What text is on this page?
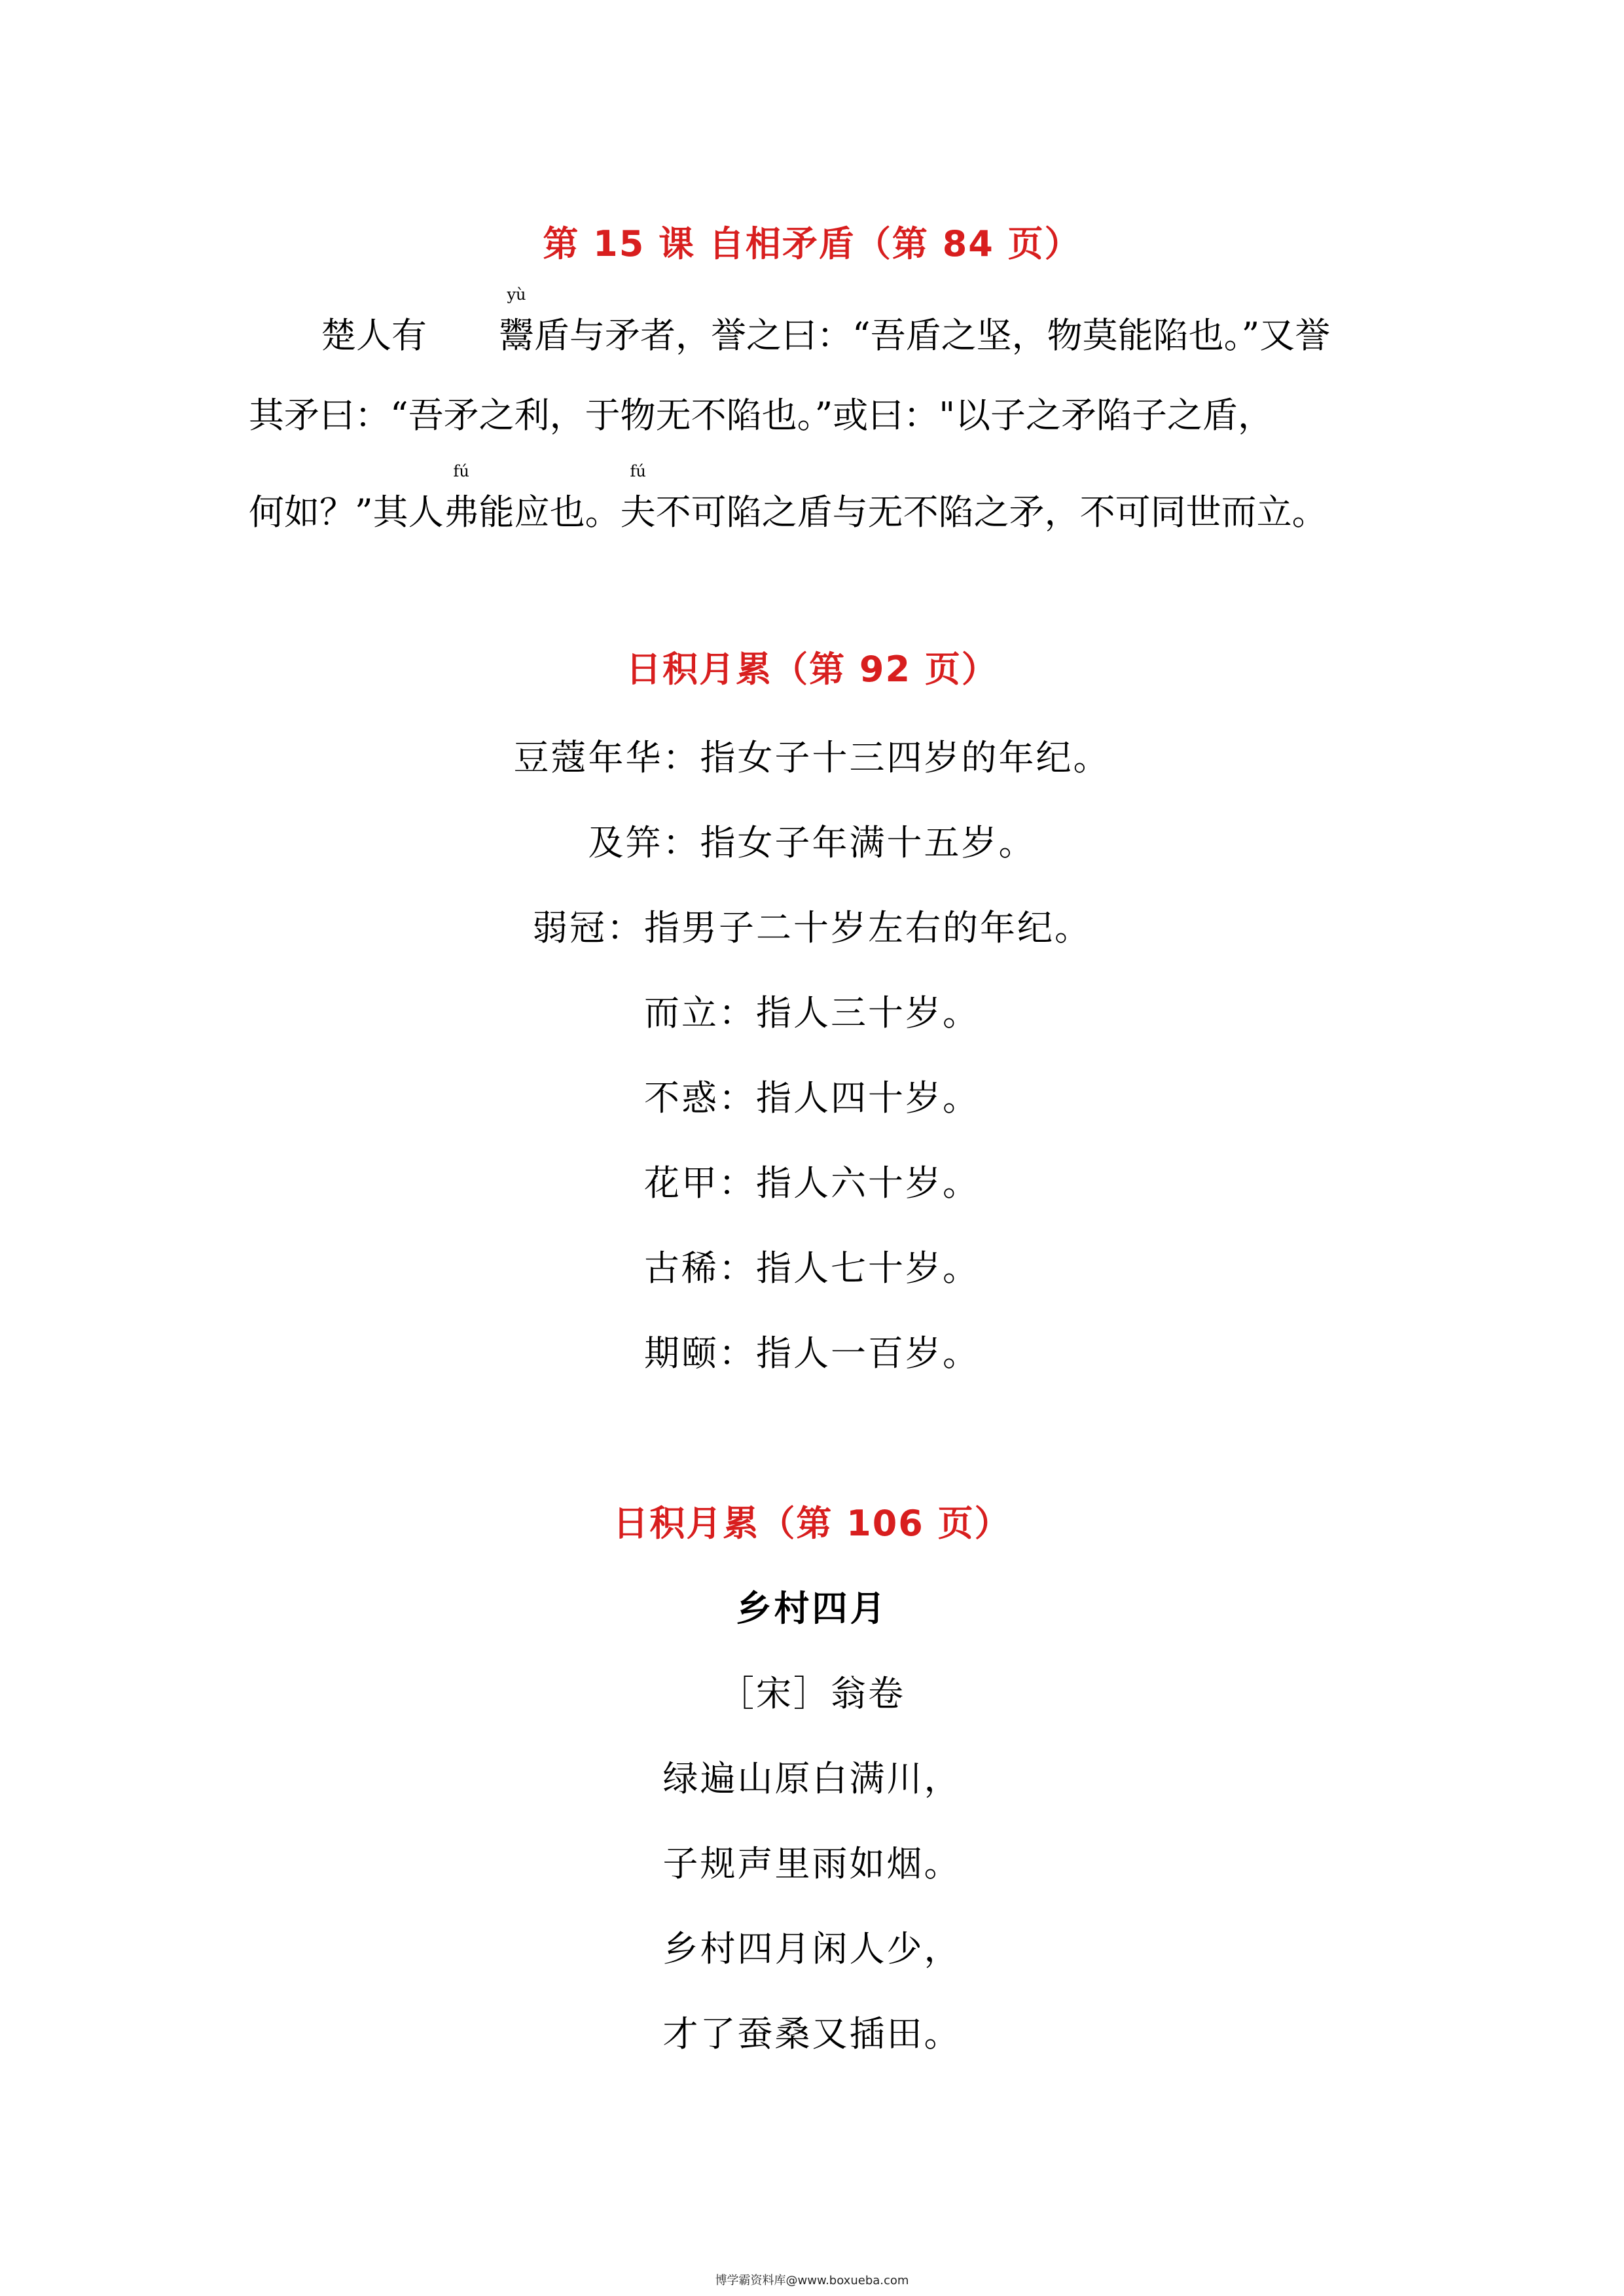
第 15 课 自相矛盾（第 84 页）
楚人有
yù
鬻盾与矛者，誉之曰：“吾盾之坚，物莫能陷也。”又誉
其矛曰：“吾矛之利，于物无不陷也。”或曰："以子之矛陷子之盾，
何如？”其人
fú
弗能应也。
fú
夫不可陷之盾与无不陷之矛，不可同世而立。
日积月累（第 92 页）
豆蔻年华：指女子十三四岁的年纪。
及笄：指女子年满十五岁。
弱冠：指男子二十岁左右的年纪。
而立：指人三十岁。
不惑：指人四十岁。
花甲：指人六十岁。
古稀：指人七十岁。
期颐：指人一百岁。
日积月累（第 106 页）
乡村四月
［宋］翁卷
绿遍山原白满川，
子规声里雨如烟。
乡村四月闲人少，
才了蚕桑又插田。
博学霸资料库@www.boxueba.com
